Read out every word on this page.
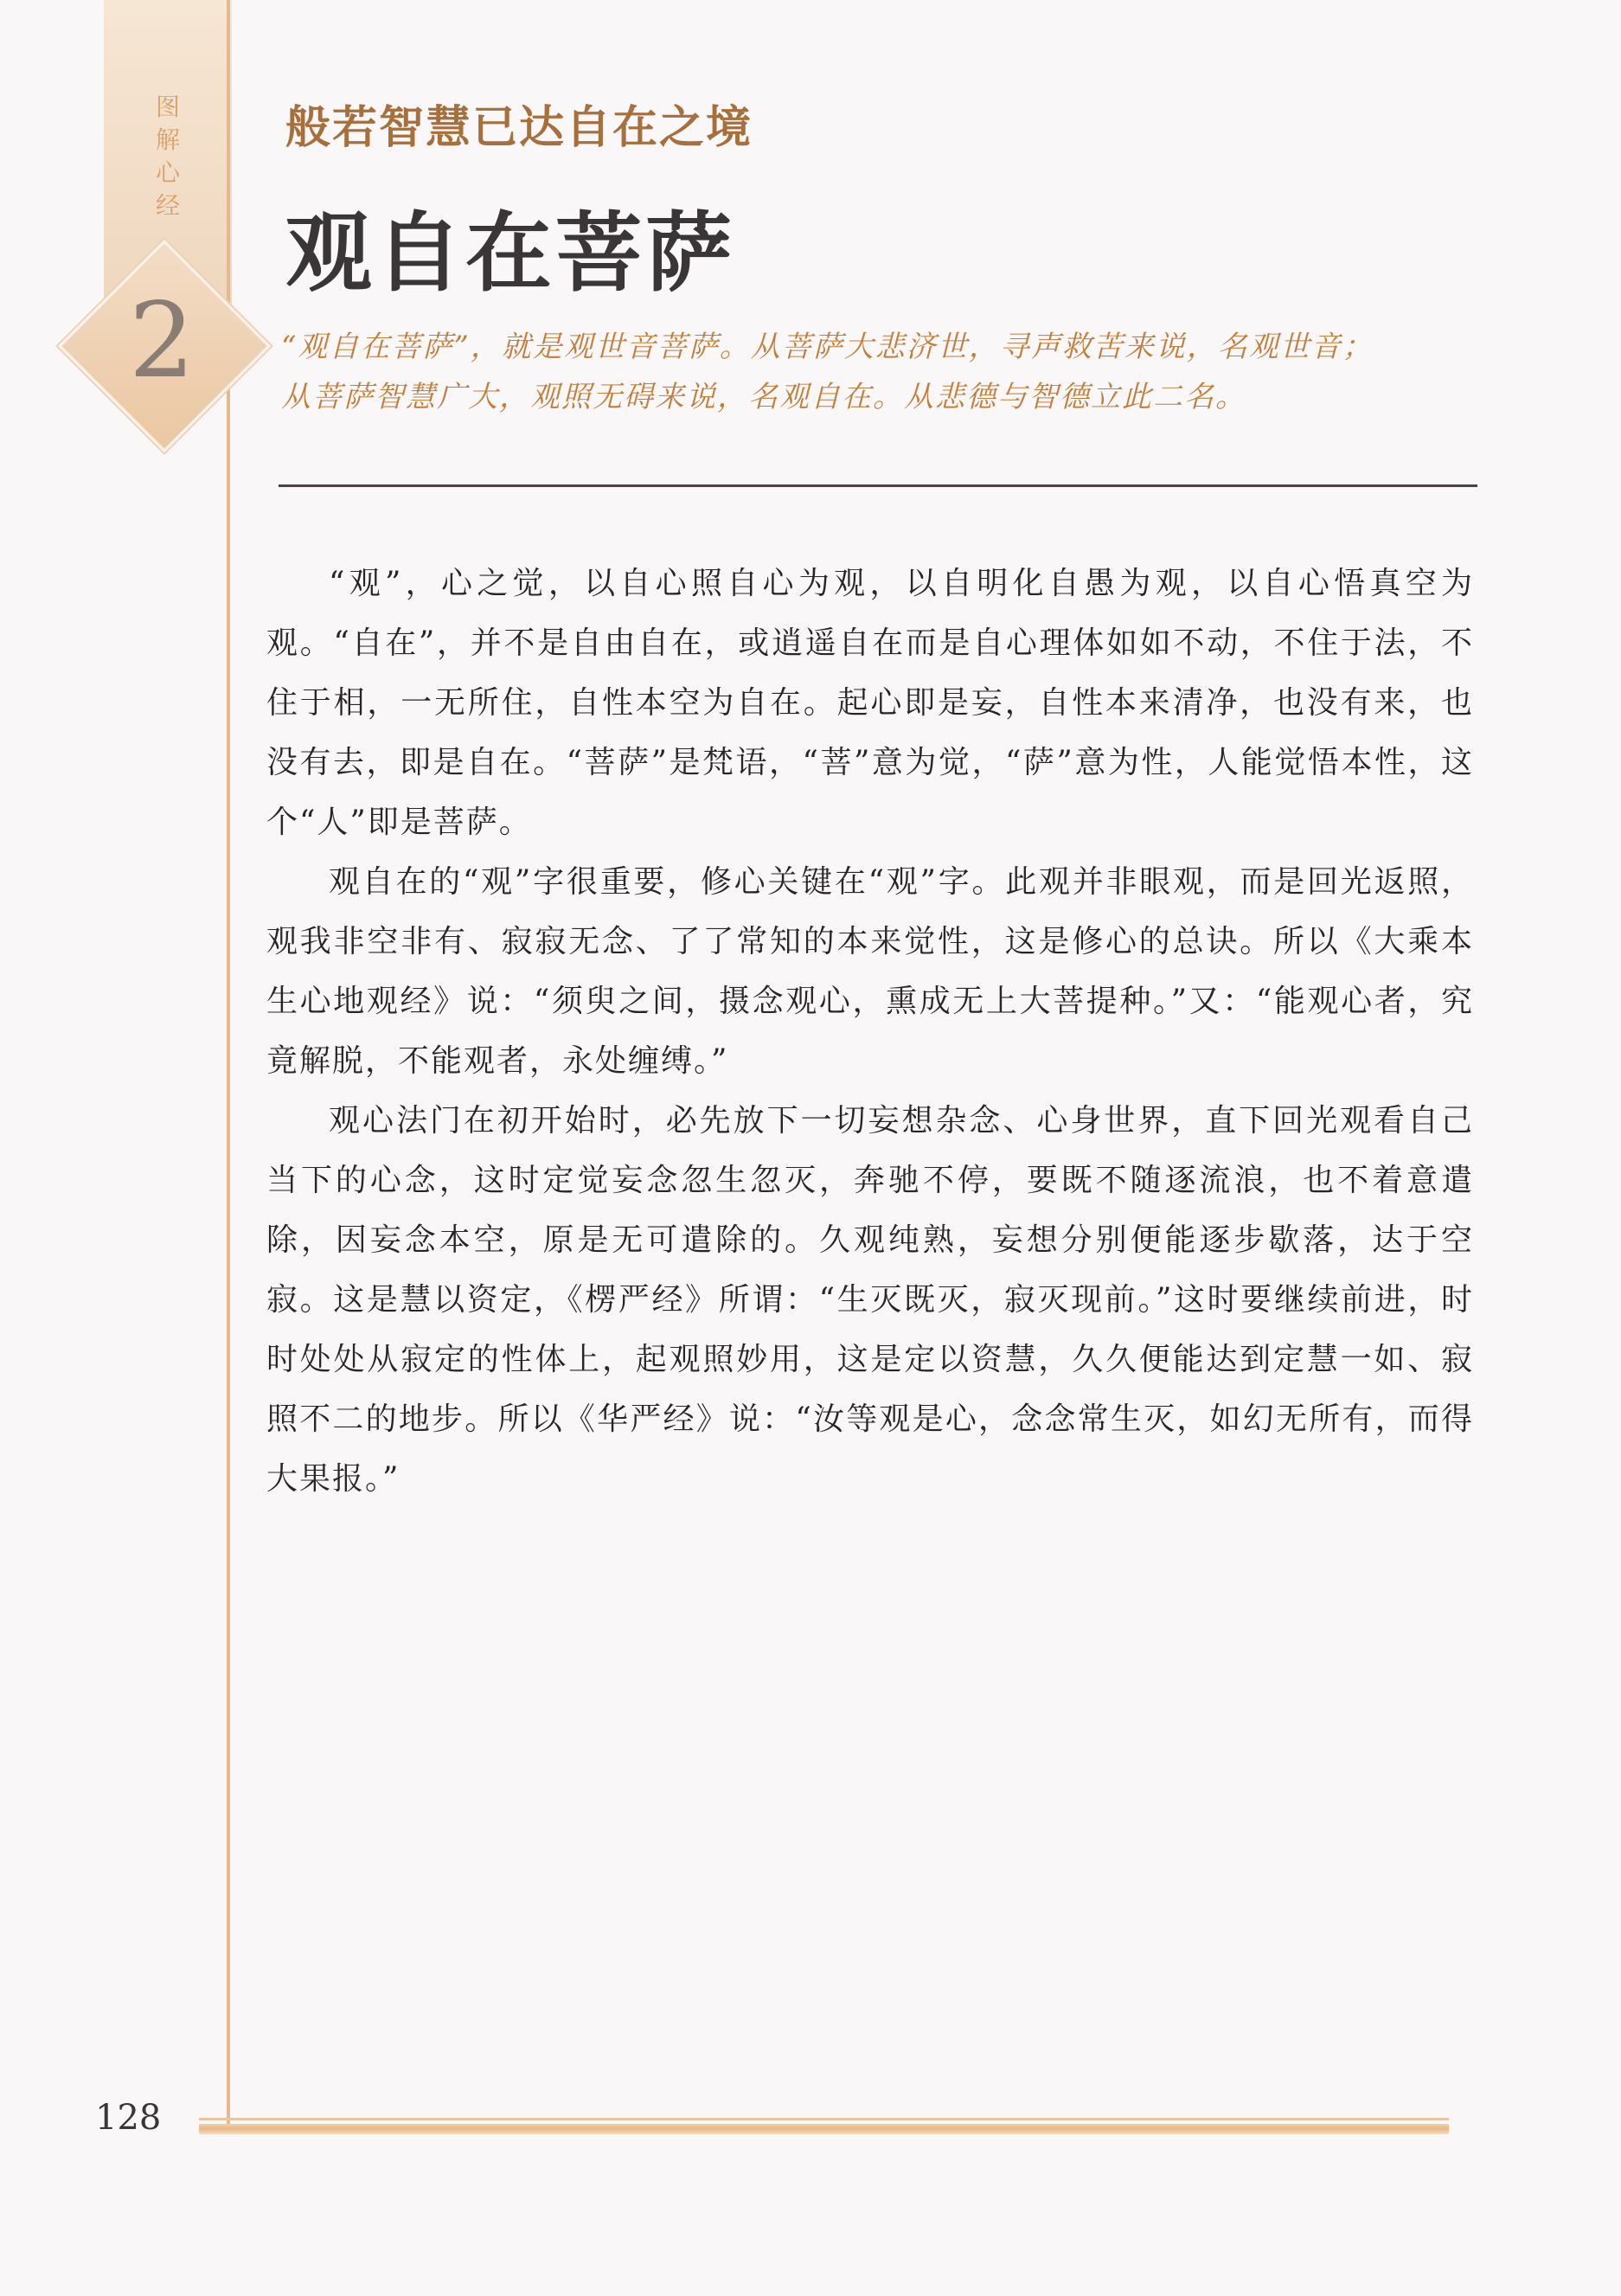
图解心经
2
般若智慧已达自在之境
观自在菩萨
“观自在菩萨”，就是观世音菩萨。从菩萨大悲济世，寻声救苦来说，名观世音；
从菩萨智慧广大，观照无碍来说，名观自在。从悲德与智德立此二名。

“观”，心之觉，以自心照自心为观，以自明化自愚为观，以自心悟真空为观。“自在”，并不是自由自在，或逍遥自在而是自心理体如如不动，不住于法，不住于相，一无所住，自性本空为自在。起心即是妄，自性本来清净，也没有来，也没有去，即是自在。“菩萨”是梵语，“菩”意为觉，“萨”意为性，人能觉悟本性，这个“人”即是菩萨。

观自在的“观”字很重要，修心关键在“观”字。此观并非眼观，而是回光返照，观我非空非有、寂寂无念、了了常知的本来觉性，这是修心的总诀。所以《大乘本生心地观经》说：“须臾之间，摄念观心，熏成无上大菩提种。”又：“能观心者，究竟解脱，不能观者，永处缠缚。”

观心法门在初开始时，必先放下一切妄想杂念、心身世界，直下回光观看自己当下的心念，这时定觉妄念忽生忽灭，奔驰不停，要既不随逐流浪，也不着意遣除，因妄念本空，原是无可遣除的。久观纯熟，妄想分别便能逐步歇落，达于空寂。这是慧以资定，《楞严经》所谓：“生灭既灭，寂灭现前。”这时要继续前进，时时处处从寂定的性体上，起观照妙用，这是定以资慧，久久便能达到定慧一如、寂照不二的地步。所以《华严经》说：“汝等观是心，念念常生灭，如幻无所有，而得大果报。”

128
